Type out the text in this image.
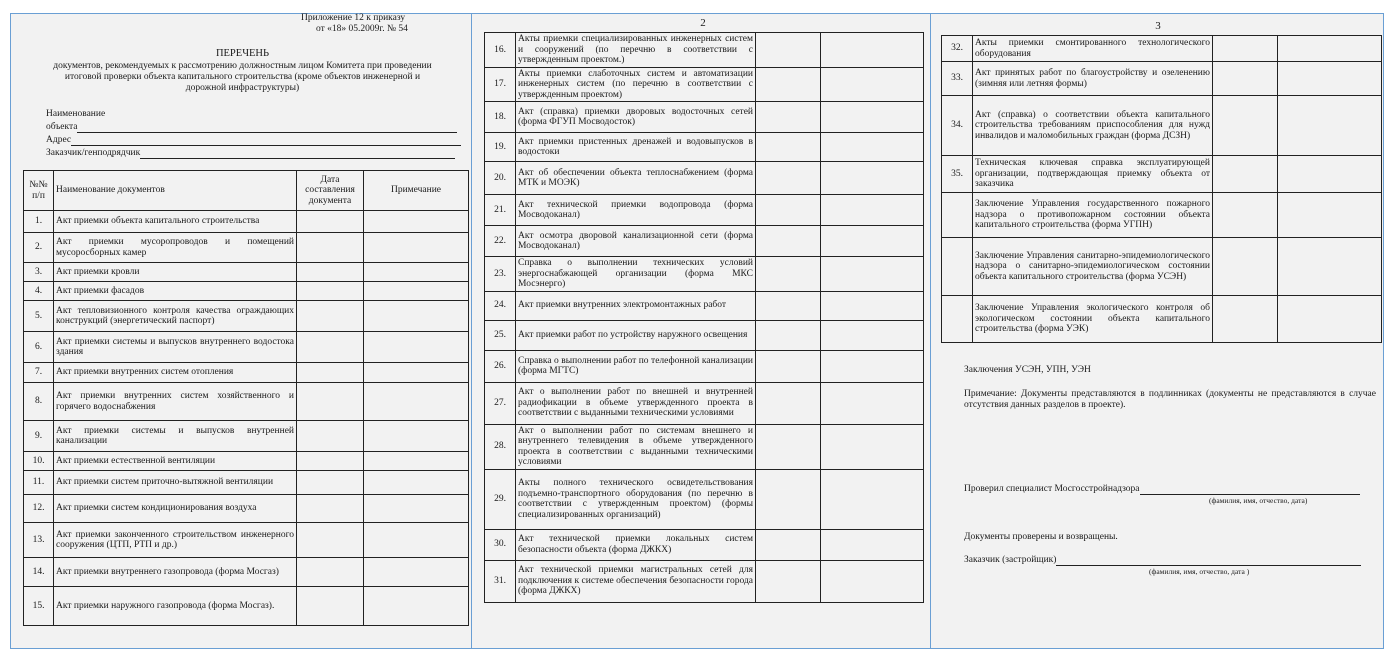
Приложение 12 к приказу
от «18» 05.2009г. № 54
ПЕРЕЧЕНЬ
документов, рекомендуемых к рассмотрению должностным лицом Комитета при проведении
итоговой проверки объекта капитального строительства (кроме объектов инженерной и
дорожной инфраструктуры)
Наименование
объекта
Адрес
Заказчик/генподрядчик
№№ п/п	Наименование документов	Дата составления документа	Примечание
1.	Акт приемки объекта капитального строительства		
2.	Акт приемки мусоропроводов и помещений мусоросборных камер		
3.	Акт приемки кровли		
4.	Акт приемки фасадов		
5.	Акт тепловизионного контроля качества ограждающих конструкций (энергетический паспорт)		
6.	Акт приемки системы и выпусков внутреннего водостока здания		
7.	Акт приемки внутренних систем отопления		
8.	Акт приемки внутренних систем хозяйственного и горячего водоснабжения		
9.	Акт приемки системы и выпусков внутренней канализации		
10.	Акт приемки естественной вентиляции		
11.	Акт приемки систем приточно-вытяжной вентиляции		
12.	Акт приемки систем кондиционирования воздуха		
13.	Акт приемки законченного строительством инженерного сооружения (ЦТП, РТП и др.)		
14.	Акт приемки внутреннего газопровода (форма Мосгаз)		
15.	Акт приемки наружного газопровода (форма Мосгаз).		
2
16.	Акты приемки специализированных инженерных систем и сооружений (по перечню в соответствии с утвержденным проектом.)		
17.	Акты приемки слаботочных систем и автоматизации инженерных систем (по перечню в соответствии с утвержденным проектом)		
18.	Акт (справка) приемки дворовых водосточных сетей (форма ФГУП Мосводосток)		
19.	Акт приемки пристенных дренажей и водовыпусков в водостоки		
20.	Акт об обеспечении объекта теплоснабжением (форма МТК и МОЭК)		
21.	Акт технической приемки водопровода (форма Мосводоканал)		
22.	Акт осмотра дворовой канализационной сети (форма Мосводоканал)		
23.	Справка о выполнении технических условий энергоснабжающей организации (форма МКС Мосэнерго)		
24.	Акт приемки внутренних электромонтажных работ		
25.	Акт приемки работ по устройству наружного освещения		
26.	Справка о выполнении работ по телефонной канализации (форма МГТС)		
27.	Акт о выполнении работ по внешней и внутренней радиофикации в объеме утвержденного проекта в соответствии с выданными техническими условиями		
28.	Акт о выполнении работ по системам внешнего и внутреннего телевидения в объеме утвержденного проекта в соответствии с выданными техническими условиями		
29.	Акты полного технического освидетельствования подъемно-транспортного оборудования (по перечню в соответствии с утвержденным проектом) (формы специализированных организаций)		
30.	Акт технической приемки локальных систем безопасности объекта (форма ДЖКХ)		
31.	Акт технической приемки магистральных сетей для подключения к системе обеспечения безопасности города (форма ДЖКХ)		
3
32.	Акты приемки смонтированного технологического оборудования		
33.	Акт принятых работ по благоустройству и озеленению (зимняя или летняя формы)		
34.	Акт (справка) о соответствии объекта капитального строительства требованиям приспособления для нужд инвалидов и маломобильных граждан (форма ДСЗН)		
35.	Техническая ключевая справка эксплуатирующей организации, подтверждающая приемку объекта от заказчика		
	Заключение Управления государственного пожарного надзора о противопожарном состоянии объекта капитального строительства (форма УГПН)		
	Заключение Управления санитарно-эпидемиологического надзора о санитарно-эпидемиологическом состоянии объекта капитального строительства (форма УСЭН)		
	Заключение Управления экологического контроля об экологическом состоянии объекта капитального строительства (форма УЭК)		
Заключения УСЭН, УПН, УЭН
Примечание: Документы представляются в подлинниках (документы не представляются в случае отсутствия данных разделов в проекте).
Проверил специалист Мосгосстройнадзора
(фамилия, имя, отчество, дата)
Документы проверены и возвращены.
Заказчик (застройщик)
(фамилия, имя, отчество, дата )
